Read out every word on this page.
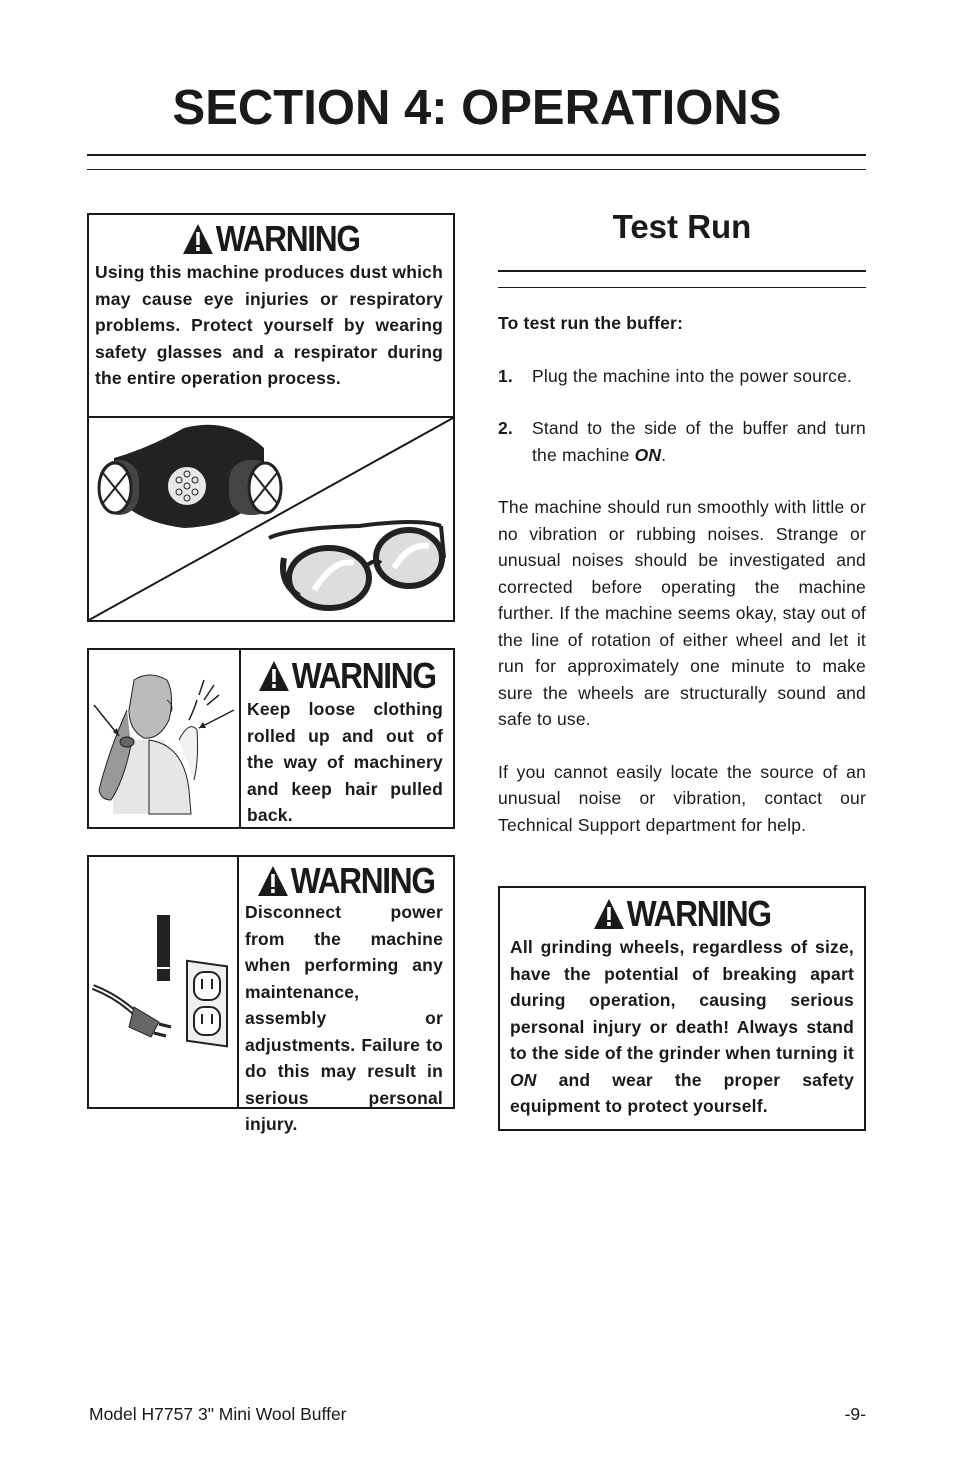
SECTION 4: OPERATIONS
WARNING
Using this machine produces dust which may cause eye injuries or respiratory problems. Protect yourself by wearing safety glasses and a respirator during the entire operation process.
WARNING
Keep loose clothing rolled up and out of the way of machinery and keep hair pulled back.
WARNING
Disconnect power from the machine when performing any maintenance, assembly or adjustments. Failure to do this may result in serious personal injury.
Test Run
To test run the buffer:
1.	Plug the machine into the power source.
2.	Stand to the side of the buffer and turn the machine ON.
The machine should run smoothly with little or no vibration or rubbing noises. Strange or unusual noises should be investigated and corrected before operating the machine further. If the machine seems okay, stay out of the line of rotation of either wheel and let it run for approximately one minute to make sure the wheels are structurally sound and safe to use.
If you cannot easily locate the source of an unusual noise or vibration, contact our Technical Support department for help.
WARNING
All grinding wheels, regardless of size, have the potential of breaking apart during operation, causing serious personal injury or death! Always stand to the side of the grinder when turning it ON and wear the proper safety equipment to protect yourself.
Model H7757 3" Mini Wool Buffer	-9-
